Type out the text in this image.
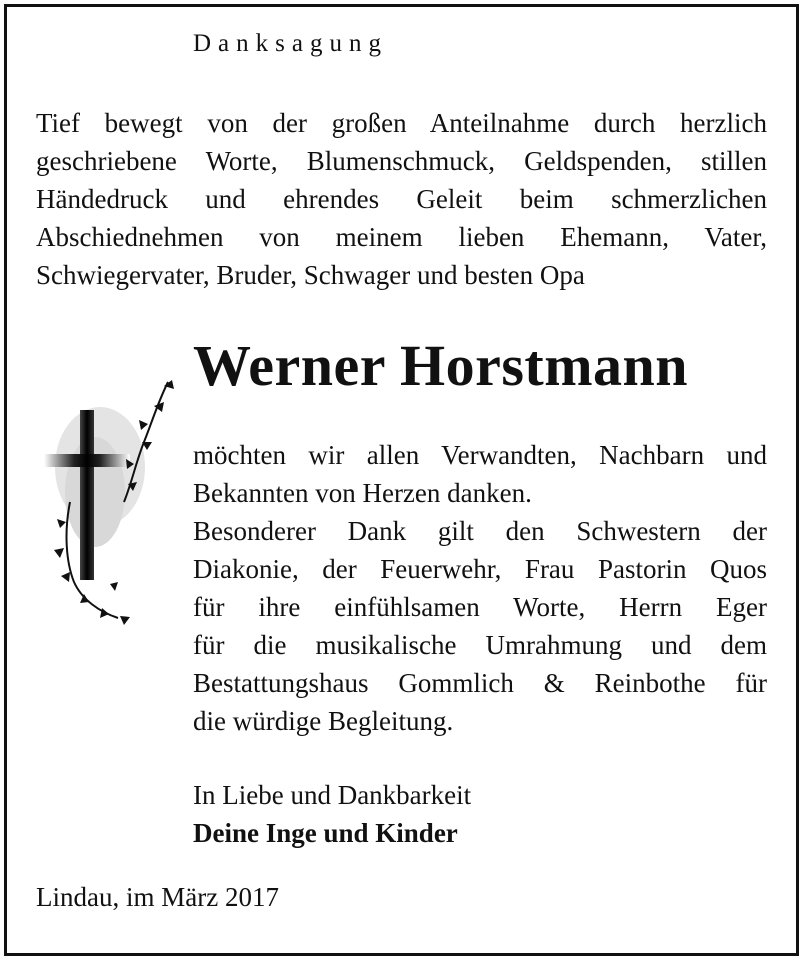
Danksagung
Tief bewegt von der großen Anteilnahme durch herzlich
geschriebene Worte, Blumenschmuck, Geldspenden, stillen
Händedruck und ehrendes Geleit beim schmerzlichen
Abschiednehmen von meinem lieben Ehemann, Vater,
Schwiegervater, Bruder, Schwager und besten Opa
Werner Horstmann
möchten wir allen Verwandten, Nachbarn und
Bekannten von Herzen danken.
Besonderer Dank gilt den Schwestern der
Diakonie, der Feuerwehr, Frau Pastorin Quos
für ihre einfühlsamen Worte, Herrn Eger
für die musikalische Umrahmung und dem
Bestattungshaus Gommlich & Reinbothe für
die würdige Begleitung.
In Liebe und Dankbarkeit
Deine Inge und Kinder
Lindau, im März 2017
